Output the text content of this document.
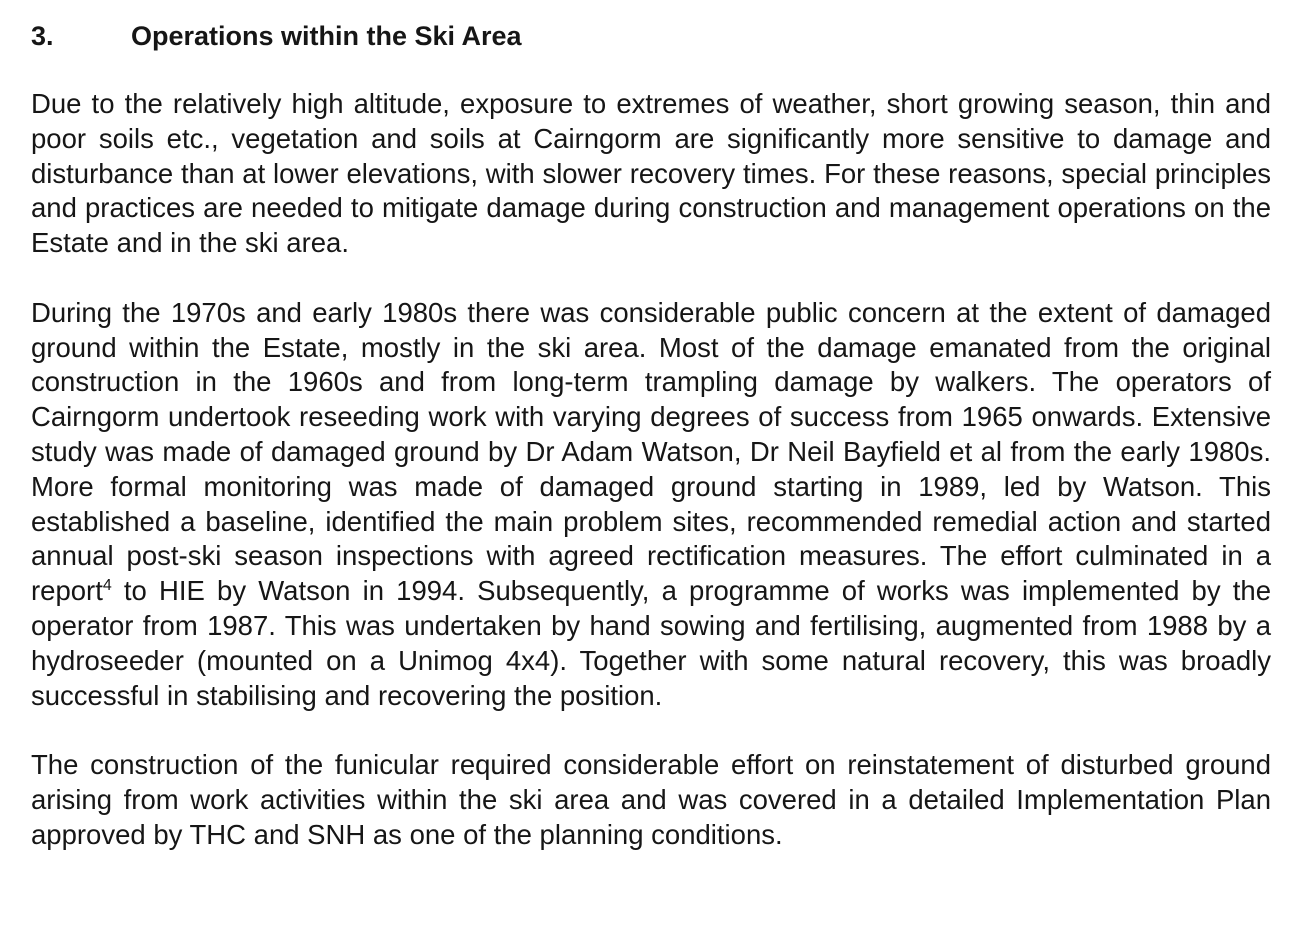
3.	Operations within the Ski Area

Due to the relatively high altitude, exposure to extremes of weather, short growing season, thin and poor soils etc., vegetation and soils at Cairngorm are significantly more sensitive to damage and disturbance than at lower elevations, with slower recovery times. For these reasons, special principles and practices are needed to mitigate damage during construction and management operations on the Estate and in the ski area.

During the 1970s and early 1980s there was considerable public concern at the extent of damaged ground within the Estate, mostly in the ski area. Most of the damage emanated from the original construction in the 1960s and from long-term trampling damage by walkers. The operators of Cairngorm undertook reseeding work with varying degrees of success from 1965 onwards. Extensive study was made of damaged ground by Dr Adam Watson, Dr Neil Bayfield et al from the early 1980s. More formal monitoring was made of damaged ground starting in 1989, led by Watson. This established a baseline, identified the main problem sites, recommended remedial action and started annual post-ski season inspections with agreed rectification measures. The effort culminated in a report$^4$ to HIE by Watson in 1994. Subsequently, a programme of works was implemented by the operator from 1987. This was undertaken by hand sowing and fertilising, augmented from 1988 by a hydroseeder (mounted on a Unimog 4x4). Together with some natural recovery, this was broadly successful in stabilising and recovering the position.

The construction of the funicular required considerable effort on reinstatement of disturbed ground arising from work activities within the ski area and was covered in a detailed Implementation Plan approved by THC and SNH as one of the planning conditions.
